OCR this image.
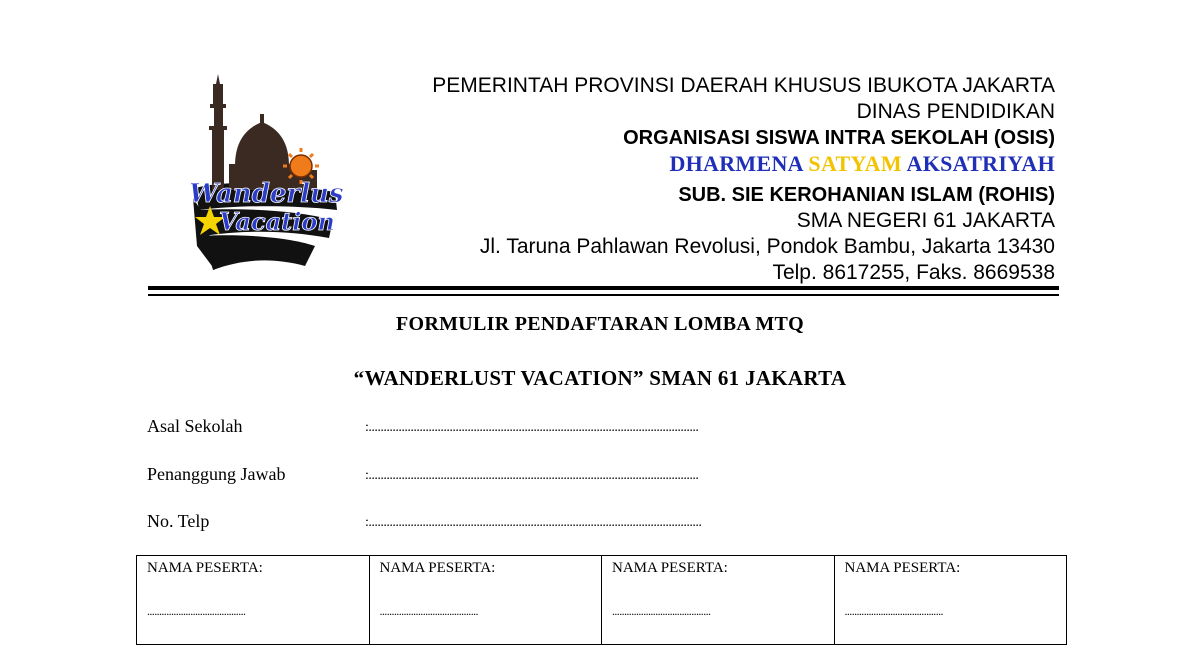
Wanderlust
Vacation
PEMERINTAH PROVINSI DAERAH KHUSUS IBUKOTA JAKARTA
DINAS PENDIDIKAN
ORGANISASI SISWA INTRA SEKOLAH (OSIS)
DHARMENA SATYAM AKSATRIYAH
SUB. SIE KEROHANIAN ISLAM (ROHIS)
SMA NEGERI 61 JAKARTA
Jl. Taruna Pahlawan Revolusi, Pondok Bambu, Jakarta 13430
Telp. 8617255, Faks. 8669538
FORMULIR PENDAFTARAN LOMBA MTQ
“WANDERLUST VACATION” SMAN 61 JAKARTA
Asal Sekolah	:..............................................................................................................
Penanggung Jawab	:..............................................................................................................
No. Telp	:...............................................................................................................
NAMA PESERTA:
.........................................
NAMA PESERTA:
.........................................
NAMA PESERTA:
.........................................
NAMA PESERTA:
.........................................
